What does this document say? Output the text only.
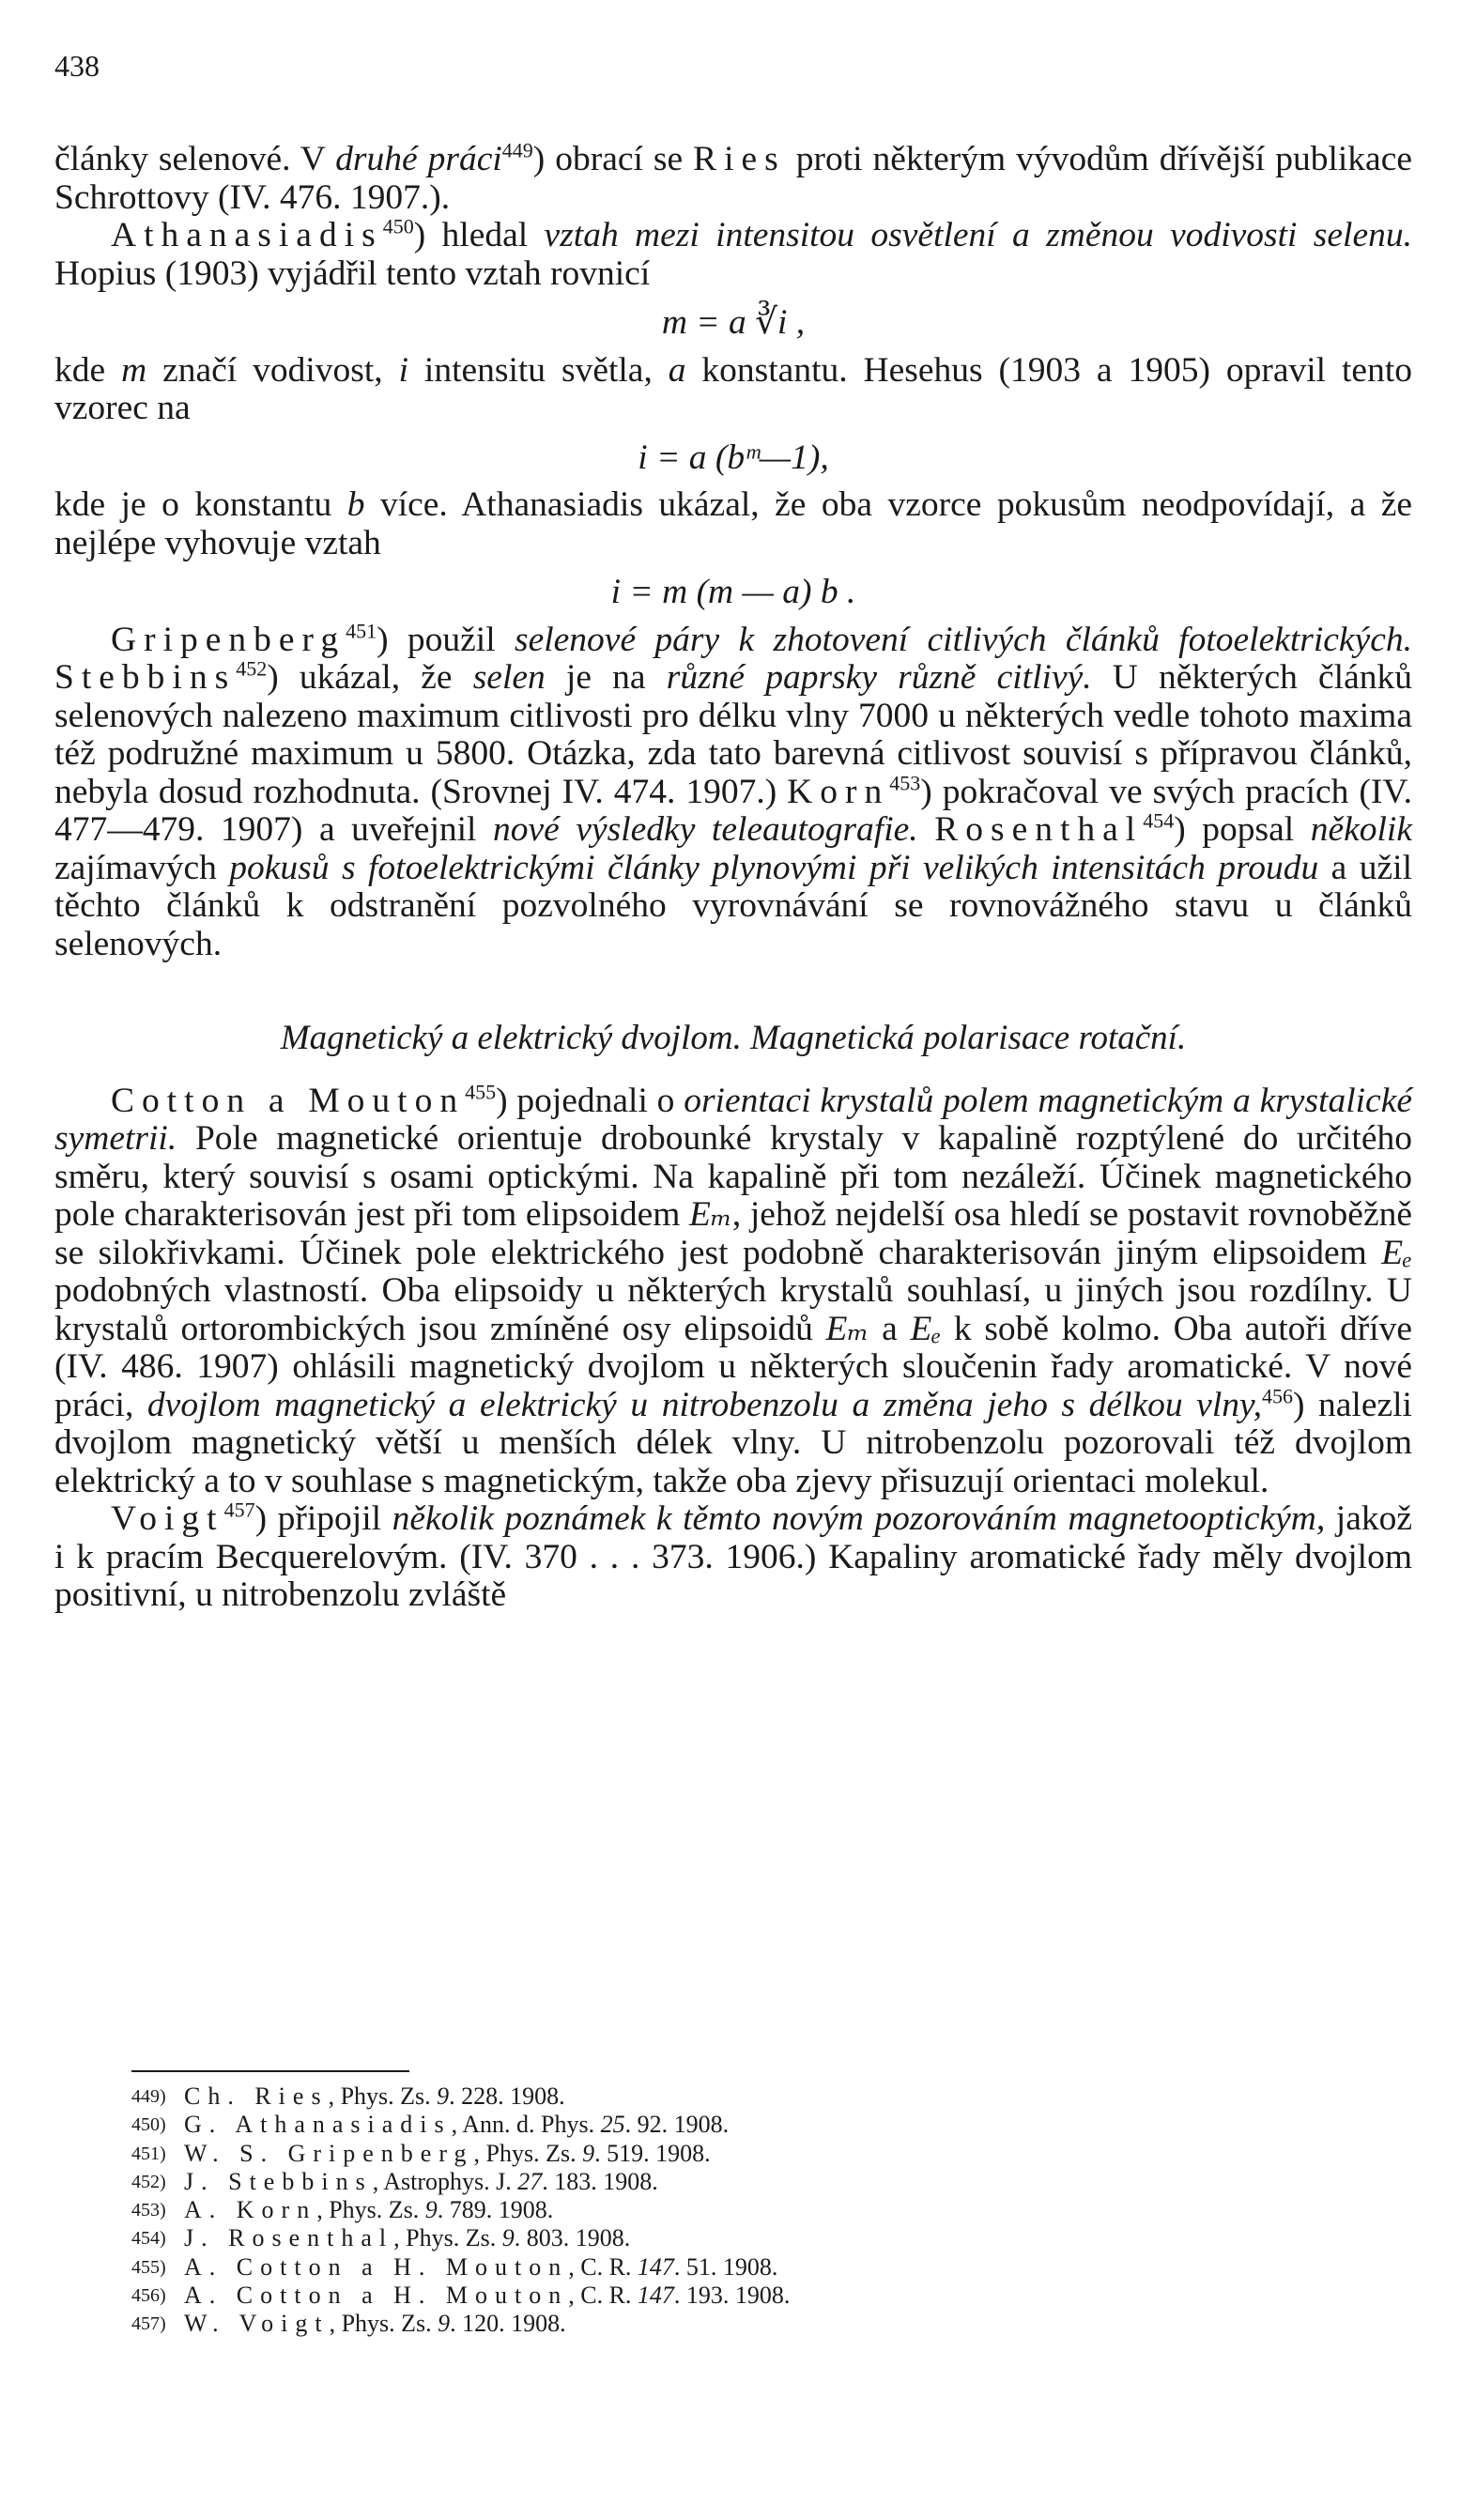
438

články selenové. V druhé práci$^{449}$) obrací se Ries proti některým vývodům dřívější publikace Schrottovy (IV. 476. 1907.).

Athanasiadis$^{450}$) hledal vztah mezi intensitou osvětlení a změnou vodivosti selenu. Hopius (1903) vyjádřil tento vztah rovnicí

m = a ∛i ,

kde m značí vodivost, i intensitu světla, a konstantu. Hesehus (1903 a 1905) opravil tento vzorec na

i = a (bᵐ—1),

kde je o konstantu b více. Athanasiadis ukázal, že oba vzorce pokusům neodpovídají, a že nejlépe vyhovuje vztah

i = m (m — a) b .

Gripenberg$^{451}$) použil selenové páry k zhotovení citlivých článků fotoelektrických. Stebbins$^{452}$) ukázal, že selen je na různé paprsky různě citlivý. U některých článků selenových nalezeno maximum citlivosti pro délku vlny 7000 u některých vedle tohoto maxima též podružné maximum u 5800. Otázka, zda tato barevná citlivost souvisí s přípravou článků, nebyla dosud rozhodnuta. (Srovnej IV. 474. 1907.) Korn$^{453}$) pokračoval ve svých pracích (IV. 477—479. 1907) a uveřejnil nové výsledky teleautografie. Rosenthal$^{454}$) popsal několik zajímavých pokusů s fotoelektrickými články plynovými při velikých intensitách proudu a užil těchto článků k odstranění pozvolného vyrovnávání se rovnovážného stavu u článků selenových.

Magnetický a elektrický dvojlom. Magnetická polarisace rotační.

Cotton a Mouton$^{455}$) pojednali o orientaci krystalů polem magnetickým a krystalické symetrii. Pole magnetické orientuje drobounké krystaly v kapalině rozptýlené do určitého směru, který souvisí s osami optickými. Na kapalině při tom nezáleží. Účinek magnetického pole charakterisován jest při tom elipsoidem Eₘ, jehož nejdelší osa hledí se postavit rovnoběžně se silokřivkami. Účinek pole elektrického jest podobně charakterisován jiným elipsoidem Eₑ podobných vlastností. Oba elipsoidy u některých krystalů souhlasí, u jiných jsou rozdílny. U krystalů ortorombických jsou zmíněné osy elipsoidů Eₘ a Eₑ k sobě kolmo. Oba autoři dříve (IV. 486. 1907) ohlásili magnetický dvojlom u některých sloučenin řady aromatické. V nové práci, dvojlom magnetický a elektrický u nitrobenzolu a změna jeho s délkou vlny,$^{456}$) nalezli dvojlom magnetický větší u menších délek vlny. U nitrobenzolu pozorovali též dvojlom elektrický a to v souhlase s magnetickým, takže oba zjevy přisuzují orientaci molekul.

Voigt$^{457}$) připojil několik poznámek k těmto novým pozorováním magnetooptickým, jakož i k pracím Becquerelovým. (IV. 370 . . . 373. 1906.) Kapaliny aromatické řady měly dvojlom positivní, u nitrobenzolu zvláště

449) Ch. Ries, Phys. Zs. 9. 228. 1908.
450) G. Athanasiadis, Ann. d. Phys. 25. 92. 1908.
451) W. S. Gripenberg, Phys. Zs. 9. 519. 1908.
452) J. Stebbins, Astrophys. J. 27. 183. 1908.
453) A. Korn, Phys. Zs. 9. 789. 1908.
454) J. Rosenthal, Phys. Zs. 9. 803. 1908.
455) A. Cotton a H. Mouton, C. R. 147. 51. 1908.
456) A. Cotton a H. Mouton, C. R. 147. 193. 1908.
457) W. Voigt, Phys. Zs. 9. 120. 1908.
